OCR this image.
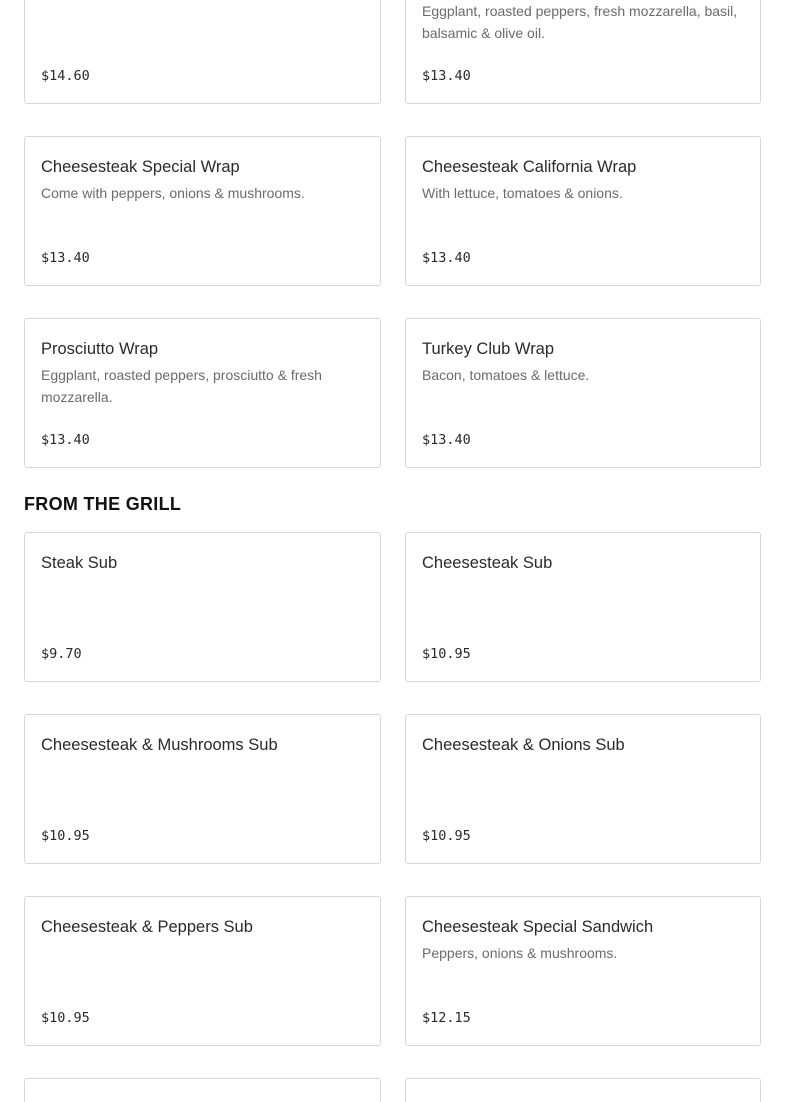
$14.60
Eggplant, roasted peppers, fresh mozzarella, basil, balsamic & olive oil.
$13.40
Cheesesteak Special Wrap
Come with peppers, onions & mushrooms.
$13.40
Cheesesteak California Wrap
With lettuce, tomatoes & onions.
$13.40
Prosciutto Wrap
Eggplant, roasted peppers, prosciutto & fresh mozzarella.
$13.40
Turkey Club Wrap
Bacon, tomatoes & lettuce.
$13.40
FROM THE GRILL
Steak Sub
$9.70
Cheesesteak Sub
$10.95
Cheesesteak & Mushrooms Sub
$10.95
Cheesesteak & Onions Sub
$10.95
Cheesesteak & Peppers Sub
$10.95
Cheesesteak Special Sandwich
Peppers, onions & mushrooms.
$12.15
